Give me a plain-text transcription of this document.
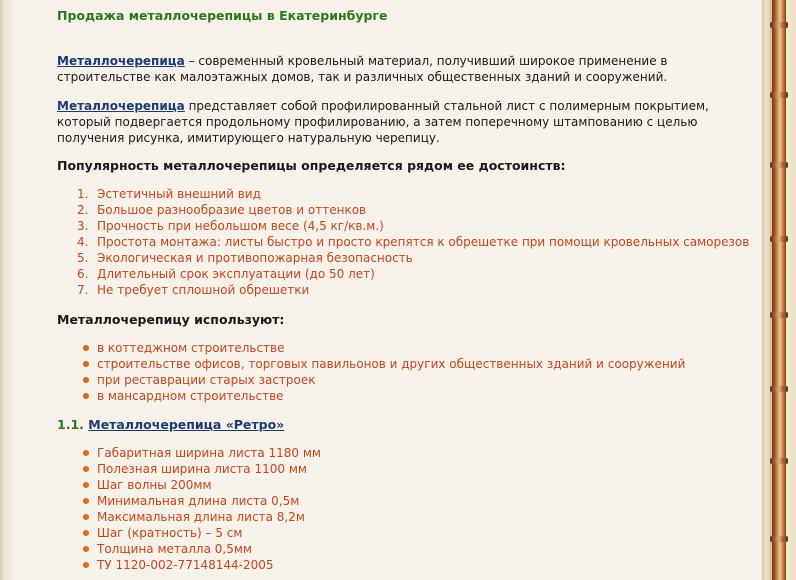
Продажа металлочерепицы в Екатеринбурге

Металлочерепица – современный кровельный материал, получивший широкое применение в строительстве как малоэтажных домов, так и различных общественных зданий и сооружений.

Металлочерепица представляет собой профилированный стальной лист с полимерным покрытием, который подвергается продольному профилированию, а затем поперечному штампованию с целью получения рисунка, имитирующего натуральную черепицу.

Популярность металлочерепицы определяется рядом ее достоинств:
1. Эстетичный внешний вид
2. Большое разнообразие цветов и оттенков
3. Прочность при небольшом весе (4,5 кг/кв.м.)
4. Простота монтажа: листы быстро и просто крепятся к обрешетке при помощи кровельных саморезов
5. Экологическая и противопожарная безопасность
6. Длительный срок эксплуатации (до 50 лет)
7. Не требует сплошной обрешетки
Металлочерепицу используют:
в коттеджном строительстве
строительстве офисов, торговых павильонов и других общественных зданий и сооружений
при реставрации старых застроек
в мансардном строительстве
1.1. Металлочерепица «Ретро»
Габаритная ширина листа 1180 мм
Полезная ширина листа 1100 мм
Шаг волны 200мм
Минимальная длина листа 0,5м
Максимальная длина листа 8,2м
Шаг (кратность) – 5 см
Толщина металла 0,5мм
ТУ 1120-002-77148144-2005
